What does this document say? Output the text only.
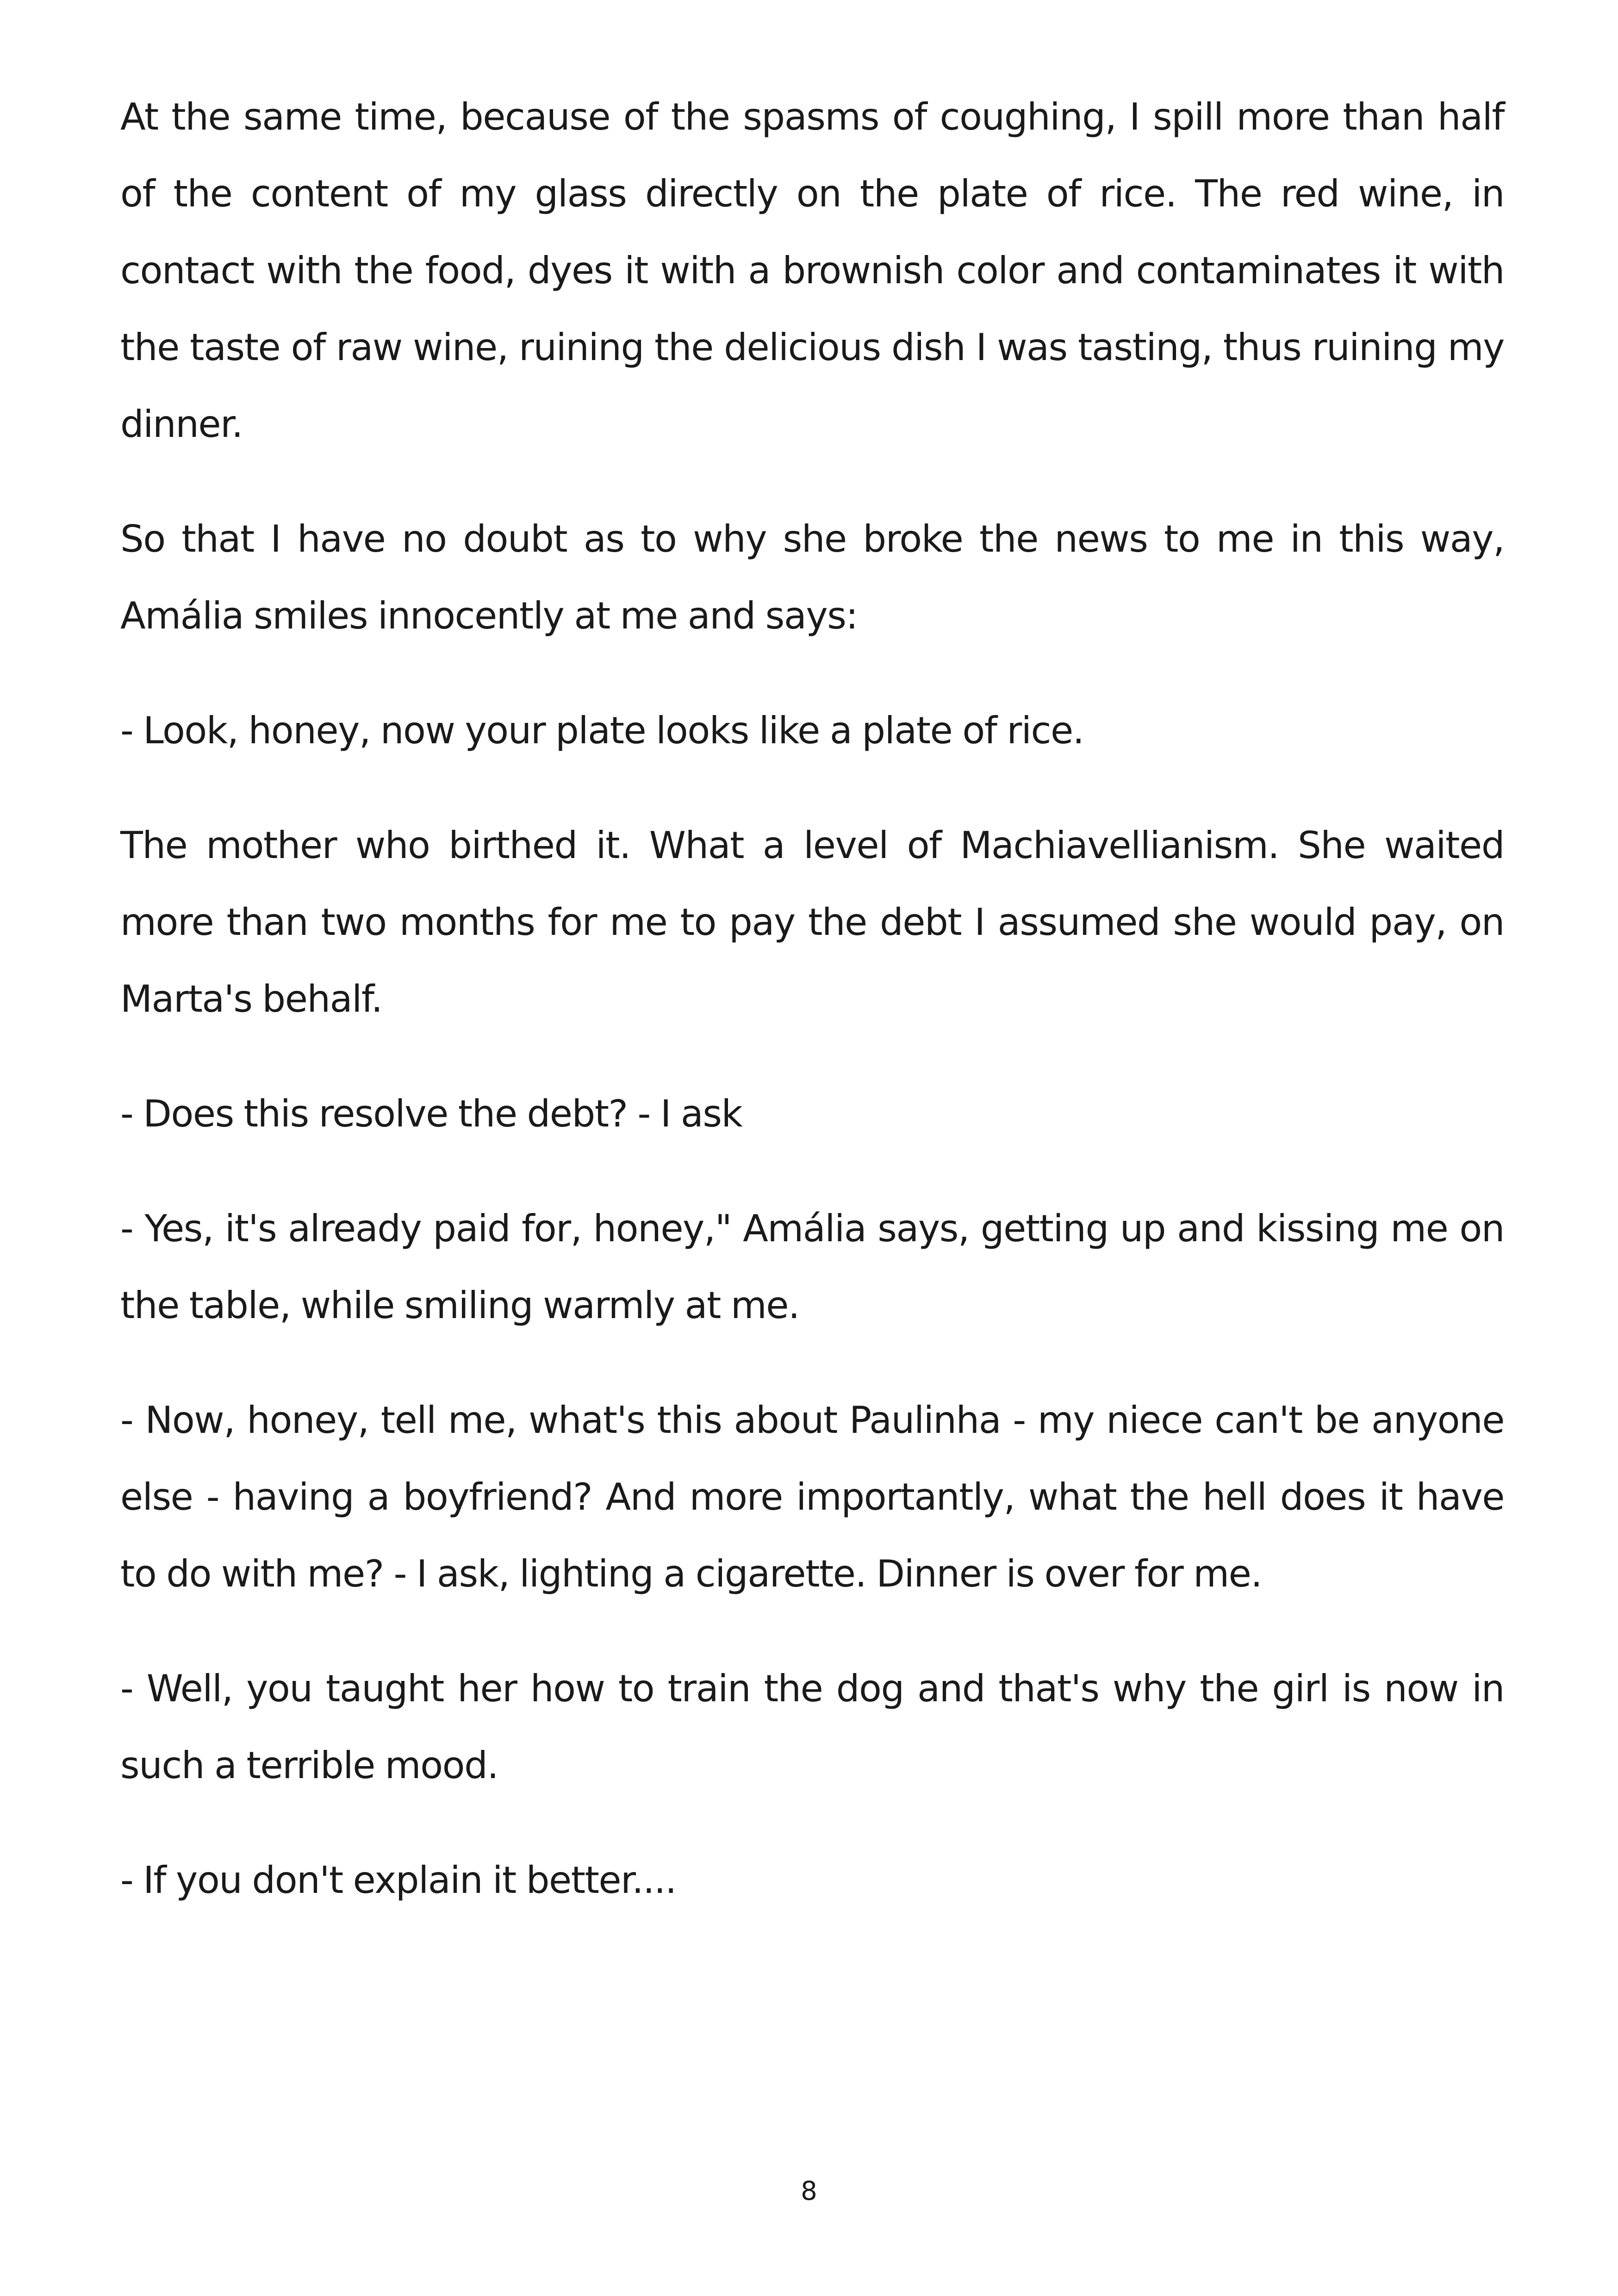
At the same time, because of the spasms of coughing, I spill more than half of the content of my glass directly on the plate of rice. The red wine, in contact with the food, dyes it with a brownish color and contaminates it with the taste of raw wine, ruining the delicious dish I was tasting, thus ruining my dinner.

So that I have no doubt as to why she broke the news to me in this way, Amália smiles innocently at me and says:

- Look, honey, now your plate looks like a plate of rice.

The mother who birthed it. What a level of Machiavellianism. She waited more than two months for me to pay the debt I assumed she would pay, on Marta's behalf.

- Does this resolve the debt? - I ask

- Yes, it's already paid for, honey," Amália says, getting up and kissing me on the table, while smiling warmly at me.

- Now, honey, tell me, what's this about Paulinha - my niece can't be anyone else - having a boyfriend? And more importantly, what the hell does it have to do with me? - I ask, lighting a cigarette. Dinner is over for me.

- Well, you taught her how to train the dog and that's why the girl is now in such a terrible mood.

- If you don't explain it better....

8
